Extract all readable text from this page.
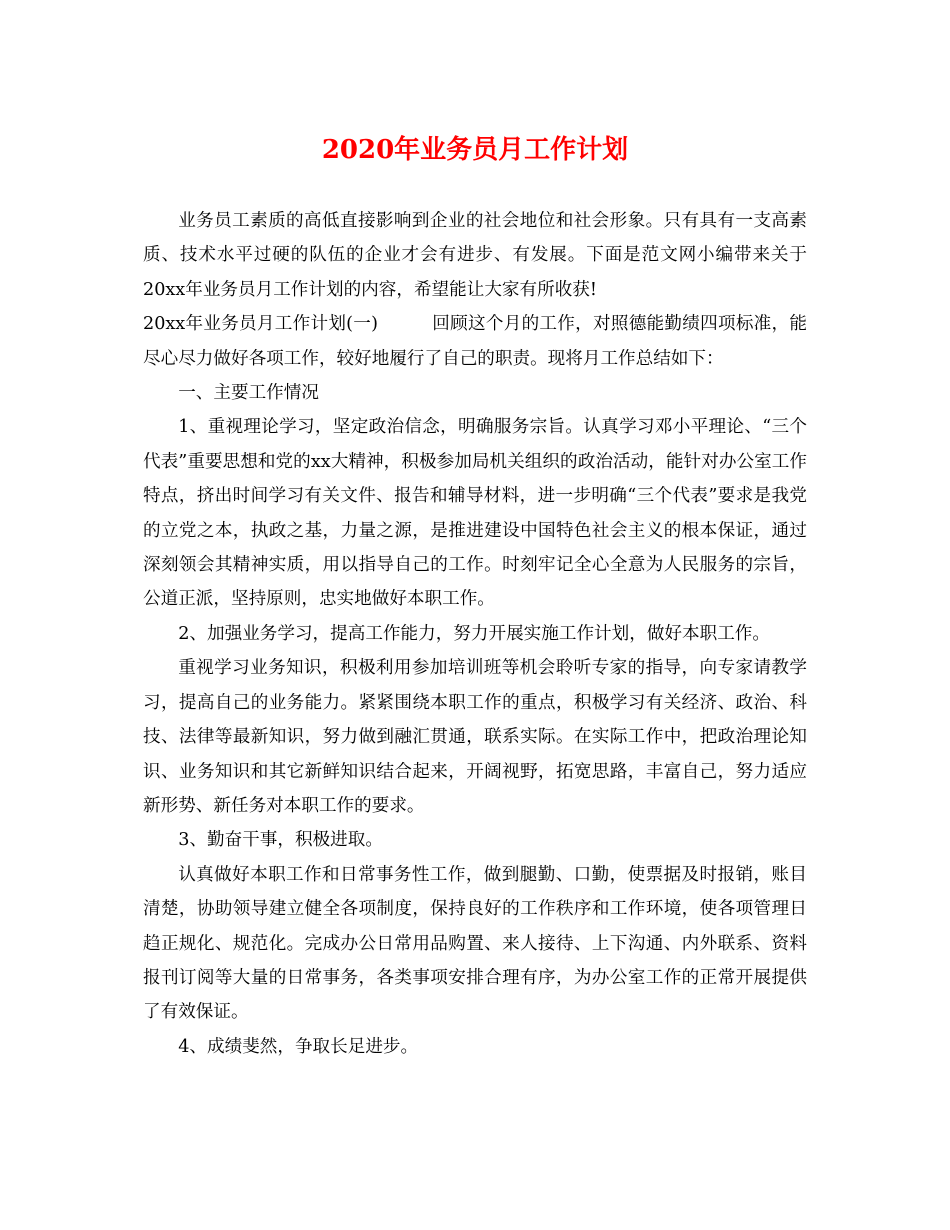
2020年业务员月工作计划

业务员工素质的高低直接影响到企业的社会地位和社会形象。只有具有一支高素质、技术水平过硬的队伍的企业才会有进步、有发展。下面是范文网小编带来关于20xx年业务员月工作计划的内容，希望能让大家有所收获!

20xx年业务员月工作计划(一)	回顾这个月的工作，对照德能勤绩四项标准，能尽心尽力做好各项工作，较好地履行了自己的职责。现将月工作总结如下：

一、主要工作情况

1、重视理论学习，坚定政治信念，明确服务宗旨。认真学习邓小平理论、“三个代表”重要思想和党的xx大精神，积极参加局机关组织的政治活动，能针对办公室工作特点，挤出时间学习有关文件、报告和辅导材料，进一步明确“三个代表”要求是我党的立党之本，执政之基，力量之源，是推进建设中国特色社会主义的根本保证，通过深刻领会其精神实质，用以指导自己的工作。时刻牢记全心全意为人民服务的宗旨，公道正派，坚持原则，忠实地做好本职工作。

2、加强业务学习，提高工作能力，努力开展实施工作计划，做好本职工作。

重视学习业务知识，积极利用参加培训班等机会聆听专家的指导，向专家请教学习，提高自己的业务能力。紧紧围绕本职工作的重点，积极学习有关经济、政治、科技、法律等最新知识，努力做到融汇贯通，联系实际。在实际工作中，把政治理论知识、业务知识和其它新鲜知识结合起来，开阔视野，拓宽思路，丰富自己，努力适应新形势、新任务对本职工作的要求。

3、勤奋干事，积极进取。

认真做好本职工作和日常事务性工作，做到腿勤、口勤，使票据及时报销，账目清楚，协助领导建立健全各项制度，保持良好的工作秩序和工作环境，使各项管理日趋正规化、规范化。完成办公日常用品购置、来人接待、上下沟通、内外联系、资料报刊订阅等大量的日常事务，各类事项安排合理有序，为办公室工作的正常开展提供了有效保证。

4、成绩斐然，争取长足进步。
